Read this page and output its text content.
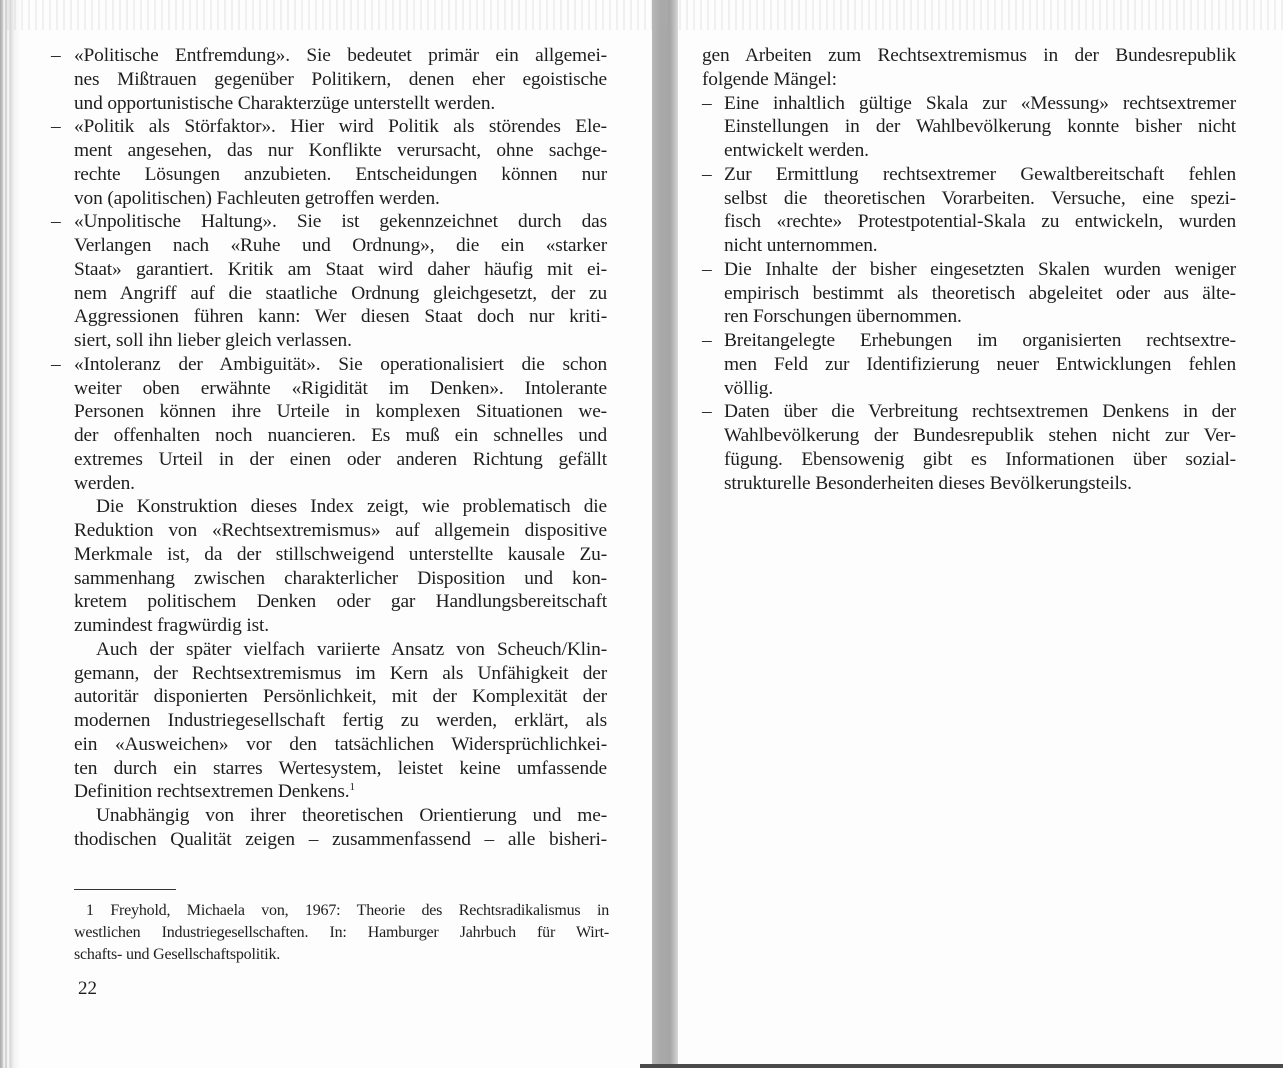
– «Politische Entfremdung». Sie bedeutet primär ein allgemei-
nes Mißtrauen gegenüber Politikern, denen eher egoistische
und opportunistische Charakterzüge unterstellt werden.
– «Politik als Störfaktor». Hier wird Politik als störendes Ele-
ment angesehen, das nur Konflikte verursacht, ohne sachge-
rechte Lösungen anzubieten. Entscheidungen können nur
von (apolitischen) Fachleuten getroffen werden.
– «Unpolitische Haltung». Sie ist gekennzeichnet durch das
Verlangen nach «Ruhe und Ordnung», die ein «starker
Staat» garantiert. Kritik am Staat wird daher häufig mit ei-
nem Angriff auf die staatliche Ordnung gleichgesetzt, der zu
Aggressionen führen kann: Wer diesen Staat doch nur kriti-
siert, soll ihn lieber gleich verlassen.
– «Intoleranz der Ambiguität». Sie operationalisiert die schon
weiter oben erwähnte «Rigidität im Denken». Intolerante
Personen können ihre Urteile in komplexen Situationen we-
der offenhalten noch nuancieren. Es muß ein schnelles und
extremes Urteil in der einen oder anderen Richtung gefällt
werden.
Die Konstruktion dieses Index zeigt, wie problematisch die
Reduktion von «Rechtsextremismus» auf allgemein dispositive
Merkmale ist, da der stillschweigend unterstellte kausale Zu-
sammenhang zwischen charakterlicher Disposition und kon-
kretem politischem Denken oder gar Handlungsbereitschaft
zumindest fragwürdig ist.
Auch der später vielfach variierte Ansatz von Scheuch/Klin-
gemann, der Rechtsextremismus im Kern als Unfähigkeit der
autoritär disponierten Persönlichkeit, mit der Komplexität der
modernen Industriegesellschaft fertig zu werden, erklärt, als
ein «Ausweichen» vor den tatsächlichen Widersprüchlichkei-
ten durch ein starres Wertesystem, leistet keine umfassende
Definition rechtsextremen Denkens.$^1$
Unabhängig von ihrer theoretischen Orientierung und me-
thodischen Qualität zeigen – zusammenfassend – alle bisheri-
1 Freyhold, Michaela von, 1967: Theorie des Rechtsradikalismus in
westlichen Industriegesellschaften. In: Hamburger Jahrbuch für Wirt-
schafts- und Gesellschaftspolitik.
22
gen Arbeiten zum Rechtsextremismus in der Bundesrepublik
folgende Mängel:
– Eine inhaltlich gültige Skala zur «Messung» rechtsextremer
Einstellungen in der Wahlbevölkerung konnte bisher nicht
entwickelt werden.
– Zur Ermittlung rechtsextremer Gewaltbereitschaft fehlen
selbst die theoretischen Vorarbeiten. Versuche, eine spezi-
fisch «rechte» Protestpotential-Skala zu entwickeln, wurden
nicht unternommen.
– Die Inhalte der bisher eingesetzten Skalen wurden weniger
empirisch bestimmt als theoretisch abgeleitet oder aus älte-
ren Forschungen übernommen.
– Breitangelegte Erhebungen im organisierten rechtsextre-
men Feld zur Identifizierung neuer Entwicklungen fehlen
völlig.
– Daten über die Verbreitung rechtsextremen Denkens in der
Wahlbevölkerung der Bundesrepublik stehen nicht zur Ver-
fügung. Ebensowenig gibt es Informationen über sozial-
strukturelle Besonderheiten dieses Bevölkerungsteils.
